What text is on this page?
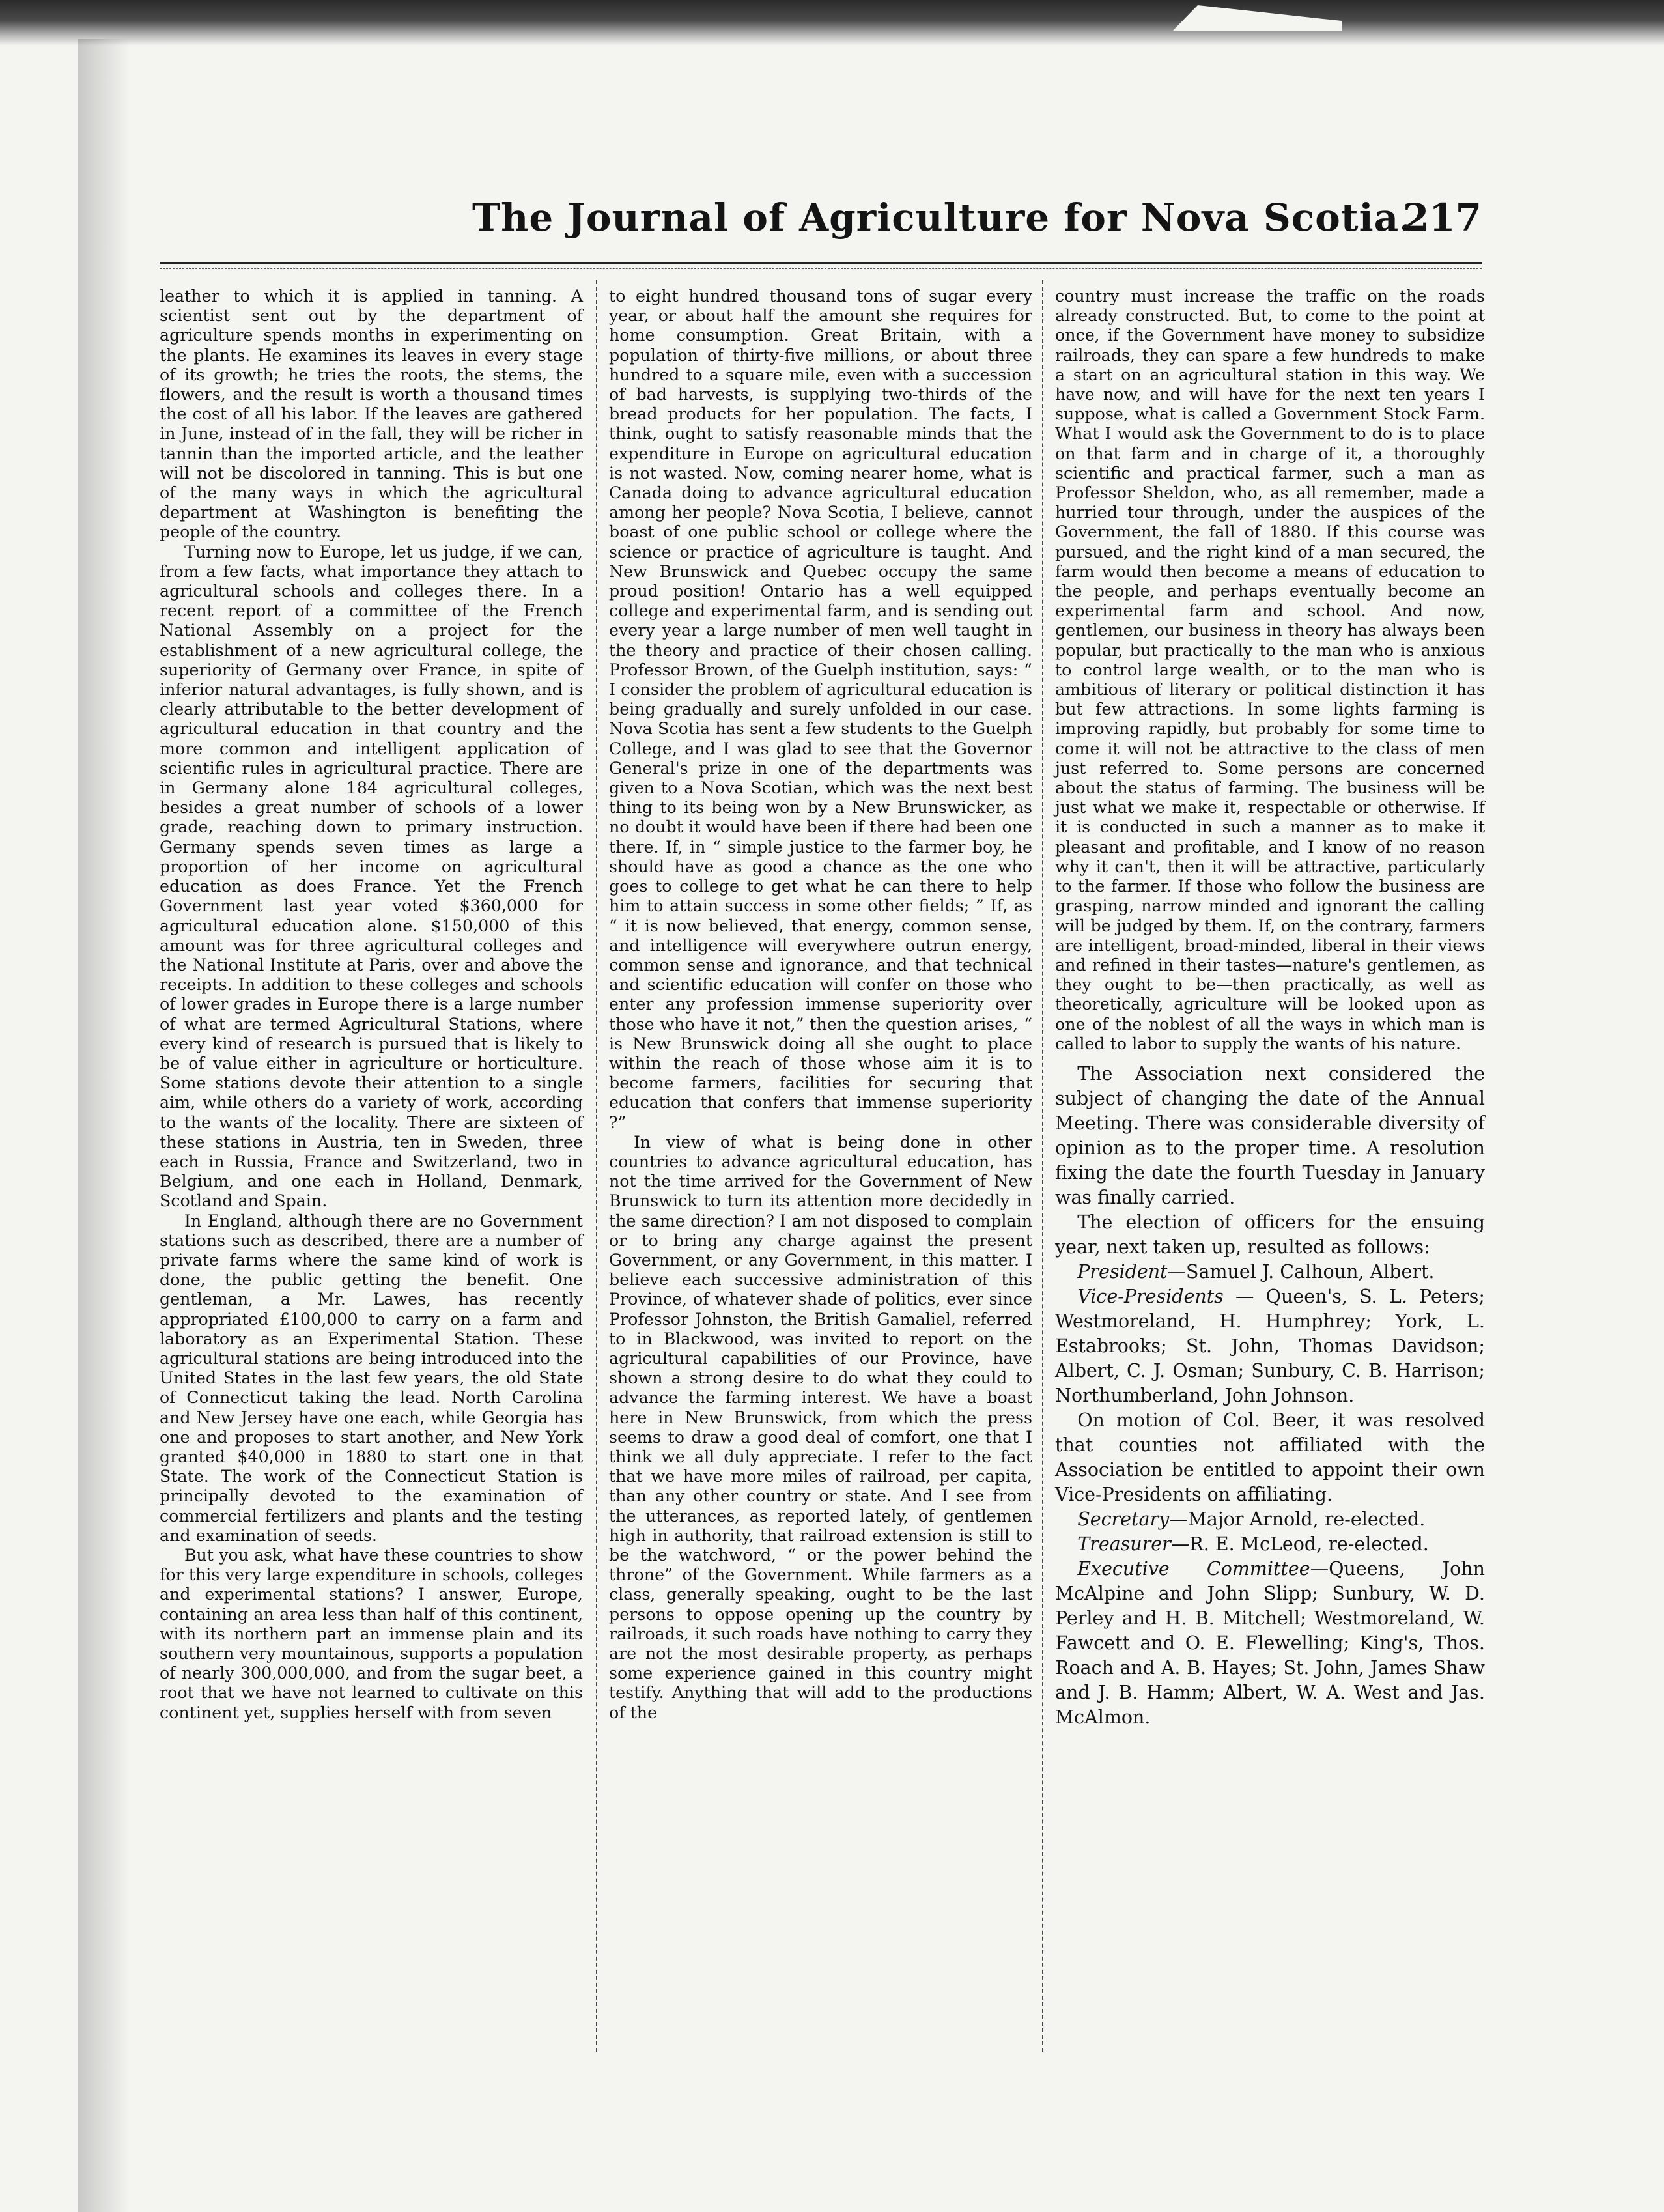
The Journal of Agriculture for Nova Scotia.
217

leather to which it is applied in tanning. A scientist sent out by the department of agriculture spends months in experimenting on the plants. He examines its leaves in every stage of its growth; he tries the roots, the stems, the flowers, and the result is worth a thousand times the cost of all his labor. If the leaves are gathered in June, instead of in the fall, they will be richer in tannin than the imported article, and the leather will not be discolored in tanning. This is but one of the many ways in which the agricultural department at Washington is benefiting the people of the country.

Turning now to Europe, let us judge, if we can, from a few facts, what importance they attach to agricultural schools and colleges there. In a recent report of a committee of the French National Assembly on a project for the establishment of a new agricultural college, the superiority of Germany over France, in spite of inferior natural advantages, is fully shown, and is clearly attributable to the better development of agricultural education in that country and the more common and intelligent application of scientific rules in agricultural practice. There are in Germany alone 184 agricultural colleges, besides a great number of schools of a lower grade, reaching down to primary instruction. Germany spends seven times as large a proportion of her income on agricultural education as does France. Yet the French Government last year voted $360,000 for agricultural education alone. $150,000 of this amount was for three agricultural colleges and the National Institute at Paris, over and above the receipts. In addition to these colleges and schools of lower grades in Europe there is a large number of what are termed Agricultural Stations, where every kind of research is pursued that is likely to be of value either in agriculture or horticulture. Some stations devote their attention to a single aim, while others do a variety of work, according to the wants of the locality. There are sixteen of these stations in Austria, ten in Sweden, three each in Russia, France and Switzerland, two in Belgium, and one each in Holland, Denmark, Scotland and Spain.

In England, although there are no Government stations such as described, there are a number of private farms where the same kind of work is done, the public getting the benefit. One gentleman, a Mr. Lawes, has recently appropriated £100,000 to carry on a farm and laboratory as an Experimental Station. These agricultural stations are being introduced into the United States in the last few years, the old State of Connecticut taking the lead. North Carolina and New Jersey have one each, while Georgia has one and proposes to start another, and New York granted $40,000 in 1880 to start one in that State. The work of the Connecticut Station is principally devoted to the examination of commercial fertilizers and plants and the testing and examination of seeds.

But you ask, what have these countries to show for this very large expenditure in schools, colleges and experimental stations? I answer, Europe, containing an area less than half of this continent, with its northern part an immense plain and its southern very mountainous, supports a population of nearly 300,000,000, and from the sugar beet, a root that we have not learned to cultivate on this continent yet, supplies herself with from seven

to eight hundred thousand tons of sugar every year, or about half the amount she requires for home consumption. Great Britain, with a population of thirty-five millions, or about three hundred to a square mile, even with a succession of bad harvests, is supplying two-thirds of the bread products for her population. The facts, I think, ought to satisfy reasonable minds that the expenditure in Europe on agricultural education is not wasted. Now, coming nearer home, what is Canada doing to advance agricultural education among her people? Nova Scotia, I believe, cannot boast of one public school or college where the science or practice of agriculture is taught. And New Brunswick and Quebec occupy the same proud position! Ontario has a well equipped college and experimental farm, and is sending out every year a large number of men well taught in the theory and practice of their chosen calling. Professor Brown, of the Guelph institution, says: “ I consider the problem of agricultural education is being gradually and surely unfolded in our case. Nova Scotia has sent a few students to the Guelph College, and I was glad to see that the Governor General's prize in one of the departments was given to a Nova Scotian, which was the next best thing to its being won by a New Brunswicker, as no doubt it would have been if there had been one there. If, in “ simple justice to the farmer boy, he should have as good a chance as the one who goes to college to get what he can there to help him to attain success in some other fields; ” If, as “ it is now believed, that energy, common sense, and intelligence will everywhere outrun energy, common sense and ignorance, and that technical and scientific education will confer on those who enter any profession immense superiority over those who have it not,” then the question arises, “ is New Brunswick doing all she ought to place within the reach of those whose aim it is to become farmers, facilities for securing that education that confers that immense superiority ?”

In view of what is being done in other countries to advance agricultural education, has not the time arrived for the Government of New Brunswick to turn its attention more decidedly in the same direction? I am not disposed to complain or to bring any charge against the present Government, or any Government, in this matter. I believe each successive administration of this Province, of whatever shade of politics, ever since Professor Johnston, the British Gamaliel, referred to in Blackwood, was invited to report on the agricultural capabilities of our Province, have shown a strong desire to do what they could to advance the farming interest. We have a boast here in New Brunswick, from which the press seems to draw a good deal of comfort, one that I think we all duly appreciate. I refer to the fact that we have more miles of railroad, per capita, than any other country or state. And I see from the utterances, as reported lately, of gentlemen high in authority, that railroad extension is still to be the watchword, “ or the power behind the throne” of the Government. While farmers as a class, generally speaking, ought to be the last persons to oppose opening up the country by railroads, it such roads have nothing to carry they are not the most desirable property, as perhaps some experience gained in this country might testify. Anything that will add to the productions of the

country must increase the traffic on the roads already constructed. But, to come to the point at once, if the Government have money to subsidize railroads, they can spare a few hundreds to make a start on an agricultural station in this way. We have now, and will have for the next ten years I suppose, what is called a Government Stock Farm. What I would ask the Government to do is to place on that farm and in charge of it, a thoroughly scientific and practical farmer, such a man as Professor Sheldon, who, as all remember, made a hurried tour through, under the auspices of the Government, the fall of 1880. If this course was pursued, and the right kind of a man secured, the farm would then become a means of education to the people, and perhaps eventually become an experimental farm and school. And now, gentlemen, our business in theory has always been popular, but practically to the man who is anxious to control large wealth, or to the man who is ambitious of literary or political distinction it has but few attractions. In some lights farming is improving rapidly, but probably for some time to come it will not be attractive to the class of men just referred to. Some persons are concerned about the status of farming. The business will be just what we make it, respectable or otherwise. If it is conducted in such a manner as to make it pleasant and profitable, and I know of no reason why it can't, then it will be attractive, particularly to the farmer. If those who follow the business are grasping, narrow minded and ignorant the calling will be judged by them. If, on the contrary, farmers are intelligent, broad-minded, liberal in their views and refined in their tastes—nature's gentlemen, as they ought to be—then practically, as well as theoretically, agriculture will be looked upon as one of the noblest of all the ways in which man is called to labor to supply the wants of his nature.

The Association next considered the subject of changing the date of the Annual Meeting. There was considerable diversity of opinion as to the proper time. A resolution fixing the date the fourth Tuesday in January was finally carried.

The election of officers for the ensuing year, next taken up, resulted as follows:

President—Samuel J. Calhoun, Albert.

Vice-Presidents — Queen's, S. L. Peters; Westmoreland, H. Humphrey; York, L. Estabrooks; St. John, Thomas Davidson; Albert, C. J. Osman; Sunbury, C. B. Harrison; Northumberland, John Johnson.

On motion of Col. Beer, it was resolved that counties not affiliated with the Association be entitled to appoint their own Vice-Presidents on affiliating.

Secretary—Major Arnold, re-elected.

Treasurer—R. E. McLeod, re-elected.

Executive Committee—Queens, John McAlpine and John Slipp; Sunbury, W. D. Perley and H. B. Mitchell; Westmoreland, W. Fawcett and O. E. Flewelling; King's, Thos. Roach and A. B. Hayes; St. John, James Shaw and J. B. Hamm; Albert, W. A. West and Jas. McAlmon.
